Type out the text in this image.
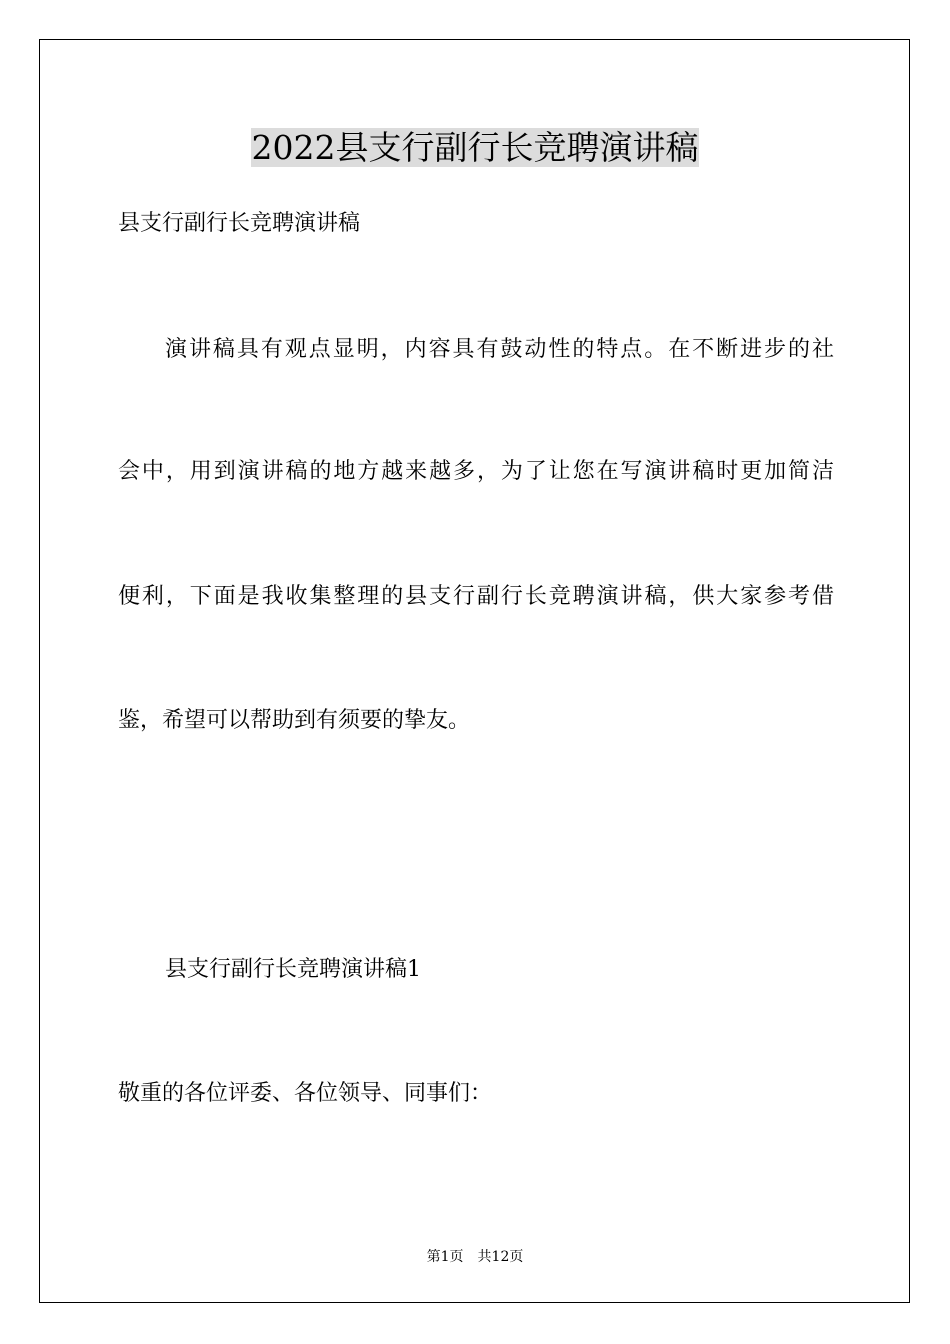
2022县支行副行长竞聘演讲稿

县支行副行长竞聘演讲稿

演讲稿具有观点显明，内容具有鼓动性的特点。在不断进步的社

会中，用到演讲稿的地方越来越多，为了让您在写演讲稿时更加简洁

便利，下面是我收集整理的县支行副行长竞聘演讲稿，供大家参考借

鉴，希望可以帮助到有须要的挚友。

县支行副行长竞聘演讲稿1

敬重的各位评委、各位领导、同事们：

第1页 共12页
